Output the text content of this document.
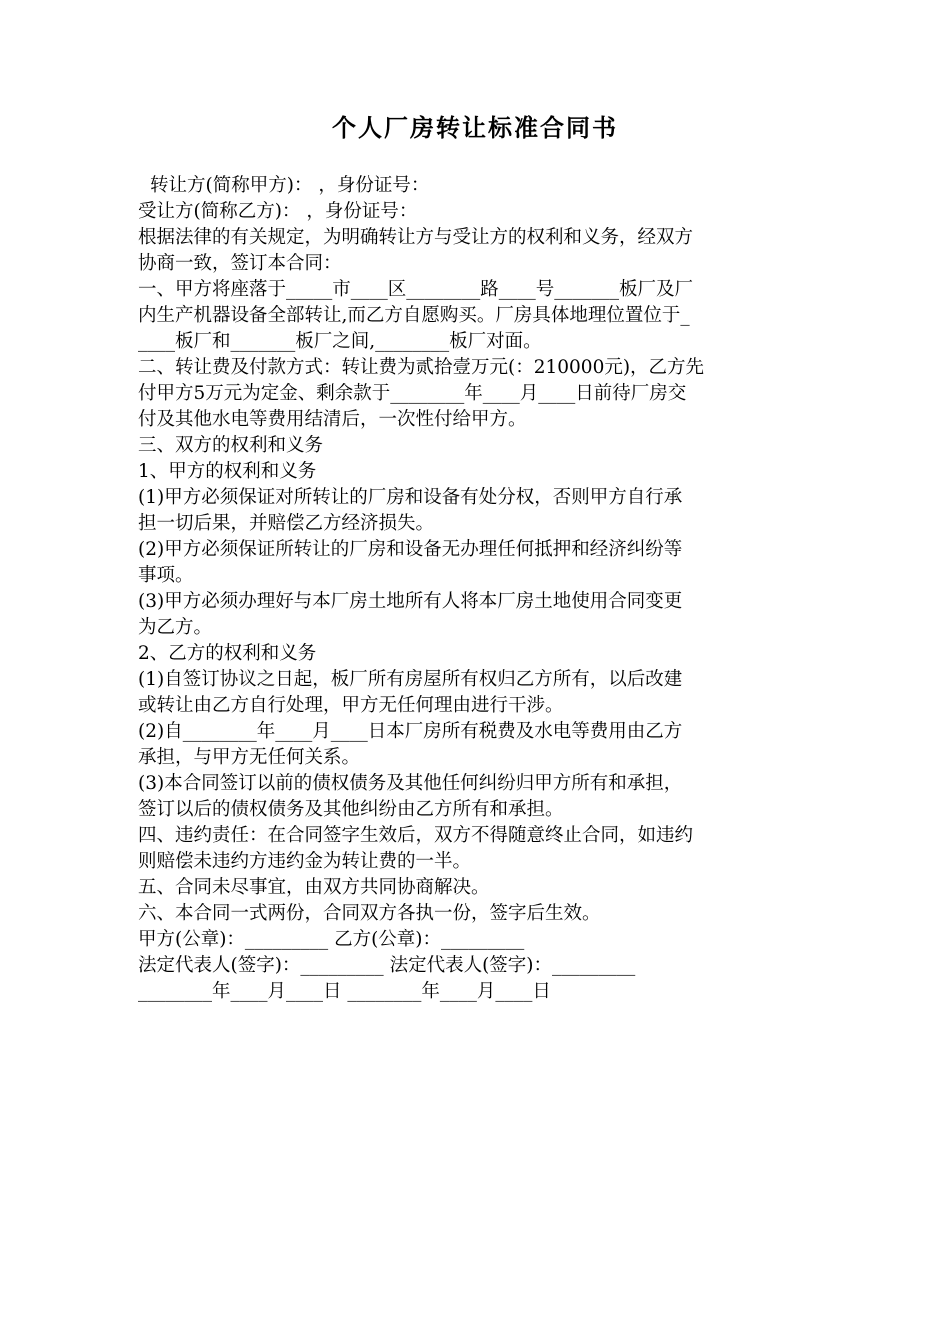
个人厂房转让标准合同书
转让方(简称甲方)： ，身份证号：
受让方(简称乙方)： ，身份证号：
根据法律的有关规定，为明确转让方与受让方的权利和义务，经双方
协商一致，签订本合同：
一、甲方将座落于_____市____区________路____号_______板厂及厂
内生产机器设备全部转让,而乙方自愿购买。厂房具体地理位置位于_
____板厂和_______板厂之间,________板厂对面。
二、转让费及付款方式：转让费为贰拾壹万元(：210000元)，乙方先
付甲方5万元为定金、剩余款于________年____月____日前待厂房交
付及其他水电等费用结清后，一次性付给甲方。
三、双方的权利和义务
1、甲方的权利和义务
(1)甲方必须保证对所转让的厂房和设备有处分权，否则甲方自行承
担一切后果，并赔偿乙方经济损失。
(2)甲方必须保证所转让的厂房和设备无办理任何抵押和经济纠纷等
事项。
(3)甲方必须办理好与本厂房土地所有人将本厂房土地使用合同变更
为乙方。
2、乙方的权利和义务
(1)自签订协议之日起，板厂所有房屋所有权归乙方所有，以后改建
或转让由乙方自行处理，甲方无任何理由进行干涉。
(2)自________年____月____日本厂房所有税费及水电等费用由乙方
承担，与甲方无任何关系。
(3)本合同签订以前的债权债务及其他任何纠纷归甲方所有和承担，
签订以后的债权债务及其他纠纷由乙方所有和承担。
四、违约责任：在合同签字生效后，双方不得随意终止合同，如违约
则赔偿未违约方违约金为转让费的一半。
五、合同未尽事宜，由双方共同协商解决。
六、本合同一式两份，合同双方各执一份，签字后生效。
甲方(公章)：_________ 乙方(公章)：_________
法定代表人(签字)：_________ 法定代表人(签字)：_________
________年____月____日 ________年____月____日
